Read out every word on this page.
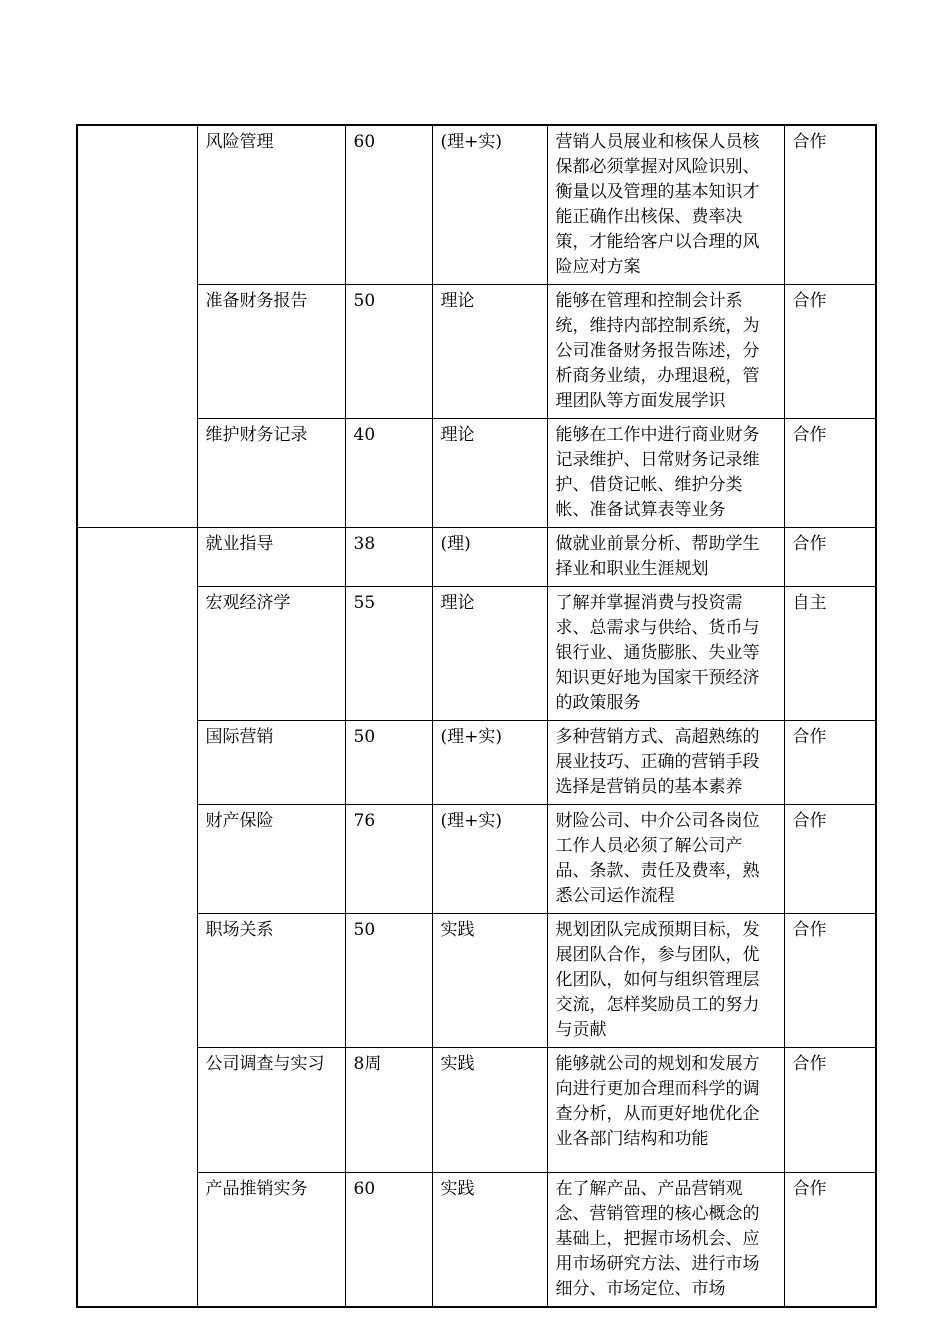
	风险管理	60	(理+实)	营销人员展业和核保人员核保都必须掌握对风险识别、衡量以及管理的基本知识才能正确作出核保、费率决策，才能给客户以合理的风险应对方案	合作
	准备财务报告	50	理论	能够在管理和控制会计系统，维持内部控制系统，为公司准备财务报告陈述，分析商务业绩，办理退税，管理团队等方面发展学识	合作
	维护财务记录	40	理论	能够在工作中进行商业财务记录维护、日常财务记录维护、借贷记帐、维护分类帐、准备试算表等业务	合作
	就业指导	38	(理)	做就业前景分析、帮助学生择业和职业生涯规划	合作
	宏观经济学	55	理论	了解并掌握消费与投资需求、总需求与供给、货币与银行业、通货膨胀、失业等知识更好地为国家干预经济的政策服务	自主
	国际营销	50	(理+实)	多种营销方式、高超熟练的展业技巧、正确的营销手段选择是营销员的基本素养	合作
	财产保险	76	(理+实)	财险公司、中介公司各岗位工作人员必须了解公司产品、条款、责任及费率，熟悉公司运作流程	合作
	职场关系	50	实践	规划团队完成预期目标，发展团队合作，参与团队，优化团队，如何与组织管理层交流，怎样奖励员工的努力与贡献	合作
	公司调查与实习	8周	实践	能够就公司的规划和发展方向进行更加合理而科学的调查分析，从而更好地优化企业各部门结构和功能	合作
	产品推销实务	60	实践	在了解产品、产品营销观念、营销管理的核心概念的基础上，把握市场机会、应用市场研究方法、进行市场细分、市场定位、市场	合作
